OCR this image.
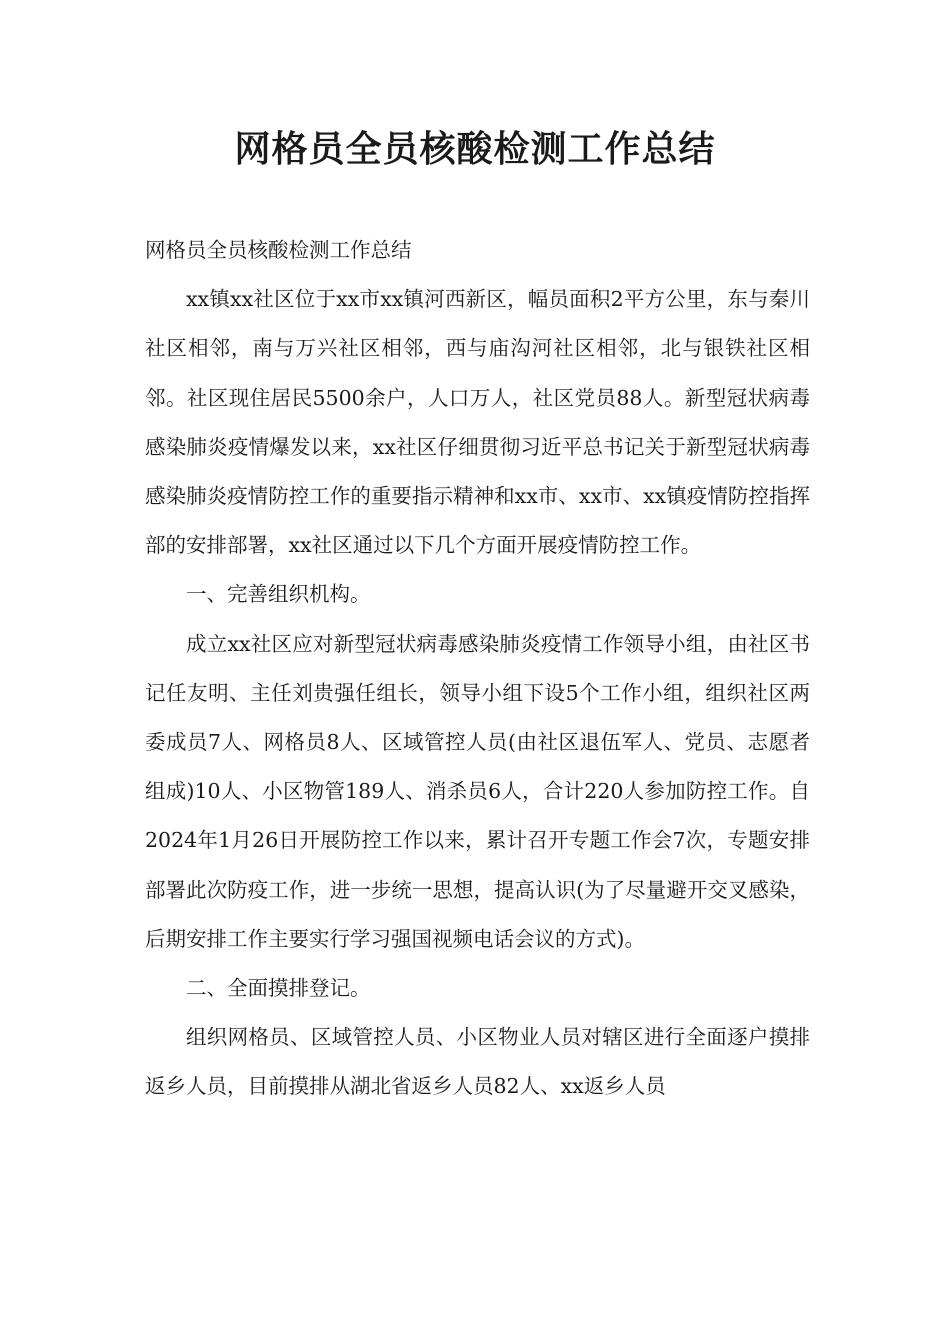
网格员全员核酸检测工作总结

网格员全员核酸检测工作总结

xx镇xx社区位于xx市xx镇河西新区，幅员面积2平方公里，东与秦川社区相邻，南与万兴社区相邻，西与庙沟河社区相邻，北与银铁社区相邻。社区现住居民5500余户，人口万人，社区党员88人。新型冠状病毒感染肺炎疫情爆发以来，xx社区仔细贯彻习近平总书记关于新型冠状病毒感染肺炎疫情防控工作的重要指示精神和xx市、xx市、xx镇疫情防控指挥部的安排部署，xx社区通过以下几个方面开展疫情防控工作。

一、完善组织机构。

成立xx社区应对新型冠状病毒感染肺炎疫情工作领导小组，由社区书记任友明、主任刘贵强任组长，领导小组下设5个工作小组，组织社区两委成员7人、网格员8人、区域管控人员(由社区退伍军人、党员、志愿者组成)10人、小区物管189人、消杀员6人，合计220人参加防控工作。自2024年1月26日开展防控工作以来，累计召开专题工作会7次，专题安排部署此次防疫工作，进一步统一思想，提高认识(为了尽量避开交叉感染，后期安排工作主要实行学习强国视频电话会议的方式)。

二、全面摸排登记。

组织网格员、区域管控人员、小区物业人员对辖区进行全面逐户摸排返乡人员，目前摸排从湖北省返乡人员82人、xx返乡人员
